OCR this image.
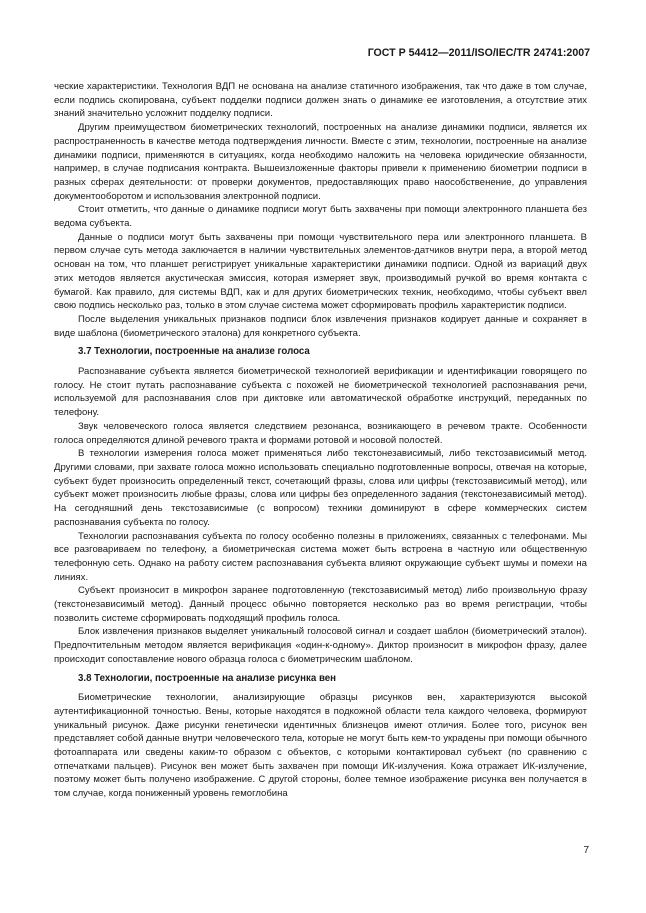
ГОСТ Р 54412—2011/ISO/IEC/TR 24741:2007

ческие характеристики. Технология ВДП не основана на анализе статичного изображения, так что даже в том случае, если подпись скопирована, субъект подделки подписи должен знать о динамике ее изготовления, а отсутствие этих знаний значительно усложнит подделку подписи.

Другим преимуществом биометрических технологий, построенных на анализе динамики подписи, является их распространенность в качестве метода подтверждения личности. Вместе с этим, технологии, построенные на анализе динамики подписи, применяются в ситуациях, когда необходимо наложить на человека юридические обязанности, например, в случае подписания контракта. Вышеизложенные факторы привели к применению биометрии подписи в разных сферах деятельности: от проверки документов, предоставляющих право наособственение, до управления документооборотом и использования электронной подписи.

Стоит отметить, что данные о динамике подписи могут быть захвачены при помощи электронного планшета без ведома субъекта.

Данные о подписи могут быть захвачены при помощи чувствительного пера или электронного планшета. В первом случае суть метода заключается в наличии чувствительных элементов-датчиков внутри пера, а второй метод основан на том, что планшет регистрирует уникальные характеристики динамики подписи. Одной из вариаций двух этих методов является акустическая эмиссия, которая измеряет звук, производимый ручкой во время контакта с бумагой. Как правило, для системы ВДП, как и для других биометрических техник, необходимо, чтобы субъект ввел свою подпись несколько раз, только в этом случае система может сформировать профиль характеристик подписи.

После выделения уникальных признаков подписи блок извлечения признаков кодирует данные и сохраняет в виде шаблона (биометрического эталона) для конкретного субъекта.

3.7 Технологии, построенные на анализе голоса

Распознавание субъекта является биометрической технологией верификации и идентификации говорящего по голосу. Не стоит путать распознавание субъекта с похожей не биометрической технологией распознавания речи, используемой для распознавания слов при диктовке или автоматической обработке инструкций, переданных по телефону.

Звук человеческого голоса является следствием резонанса, возникающего в речевом тракте. Особенности голоса определяются длиной речевого тракта и формами ротовой и носовой полостей.

В технологии измерения голоса может применяться либо текстонезависимый, либо текстозависимый метод. Другими словами, при захвате голоса можно использовать специально подготовленные вопросы, отвечая на которые, субъект будет произносить определенный текст, сочетающий фразы, слова или цифры (текстозависимый метод), или субъект может произносить любые фразы, слова или цифры без определенного задания (текстонезависимый метод). На сегодняшний день текстозависимые (с вопросом) техники доминируют в сфере коммерческих систем распознавания субъекта по голосу.

Технологии распознавания субъекта по голосу особенно полезны в приложениях, связанных с телефонами. Мы все разговариваем по телефону, а биометрическая система может быть встроена в частную или общественную телефонную сеть. Однако на работу систем распознавания субъекта влияют окружающие субъект шумы и помехи на линиях.

Субъект произносит в микрофон заранее подготовленную (текстозависимый метод) либо произвольную фразу (текстонезависимый метод). Данный процесс обычно повторяется несколько раз во время регистрации, чтобы позволить системе сформировать подходящий профиль голоса.

Блок извлечения признаков выделяет уникальный голосовой сигнал и создает шаблон (биометрический эталон). Предпочтительным методом является верификация «один-к-одному». Диктор произносит в микрофон фразу, далее происходит сопоставление нового образца голоса с биометрическим шаблоном.

3.8 Технологии, построенные на анализе рисунка вен

Биометрические технологии, анализирующие образцы рисунков вен, характеризуются высокой аутентификационной точностью. Вены, которые находятся в подкожной области тела каждого человека, формируют уникальный рисунок. Даже рисунки генетически идентичных близнецов имеют отличия. Более того, рисунок вен представляет собой данные внутри человеческого тела, которые не могут быть кем-то украдены при помощи обычного фотоаппарата или сведены каким-то образом с объектов, с которыми контактировал субъект (по сравнению с отпечатками пальцев). Рисунок вен может быть захвачен при помощи ИК-излучения. Кожа отражает ИК-излучение, поэтому может быть получено изображение. С другой стороны, более темное изображение рисунка вен получается в том случае, когда пониженный уровень гемоглобина

7
